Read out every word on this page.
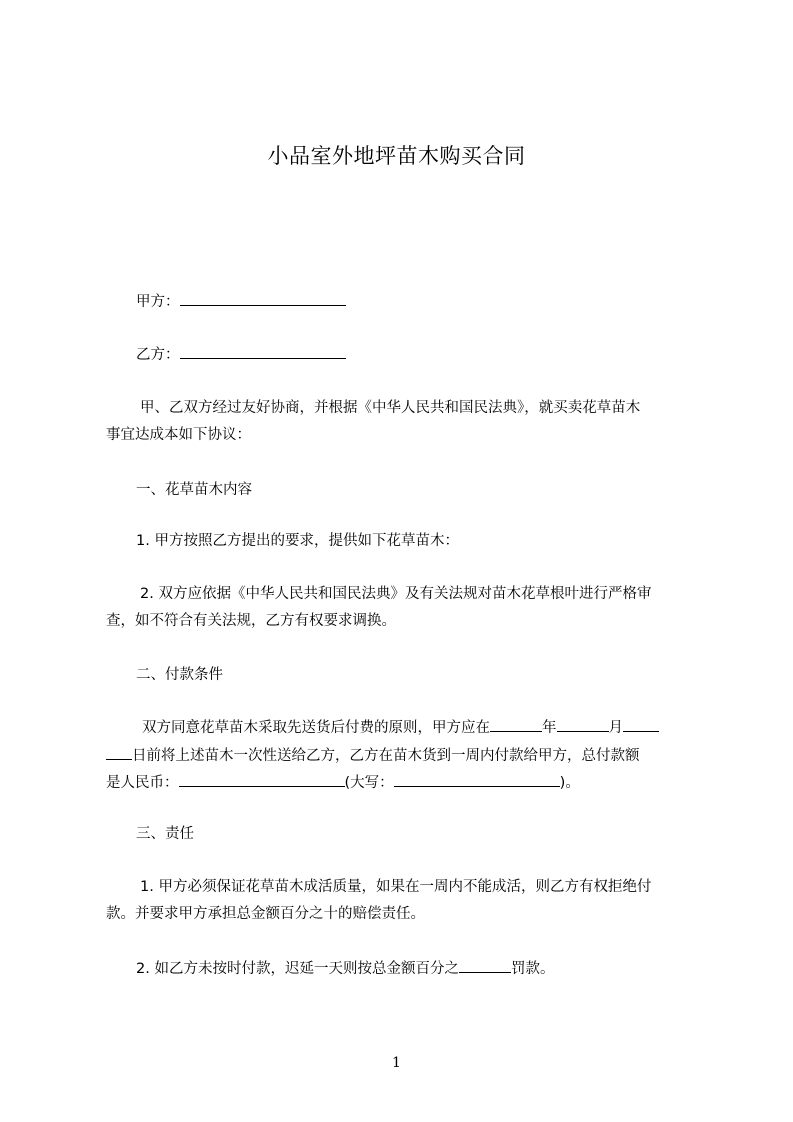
小品室外地坪苗木购买合同
甲方：
乙方：
甲、乙双方经过友好协商，并根据《中华人民共和国民法典》，就买卖花草苗木
事宜达成本如下协议：
一、花草苗木内容
1. 甲方按照乙方提出的要求，提供如下花草苗木：
2. 双方应依据《中华人民共和国民法典》及有关法规对苗木花草根叶进行严格审
查，如不符合有关法规，乙方有权要求调换。
二、付款条件
双方同意花草苗木采取先送货后付费的原则，甲方应在	年	月
日前将上述苗木一次性送给乙方，乙方在苗木货到一周内付款给甲方，总付款额
是人民币：	(大写：	)。
三、责任
1. 甲方必须保证花草苗木成活质量，如果在一周内不能成活，则乙方有权拒绝付
款。并要求甲方承担总金额百分之十的赔偿责任。
2. 如乙方未按时付款，迟延一天则按总金额百分之	罚款。
1
